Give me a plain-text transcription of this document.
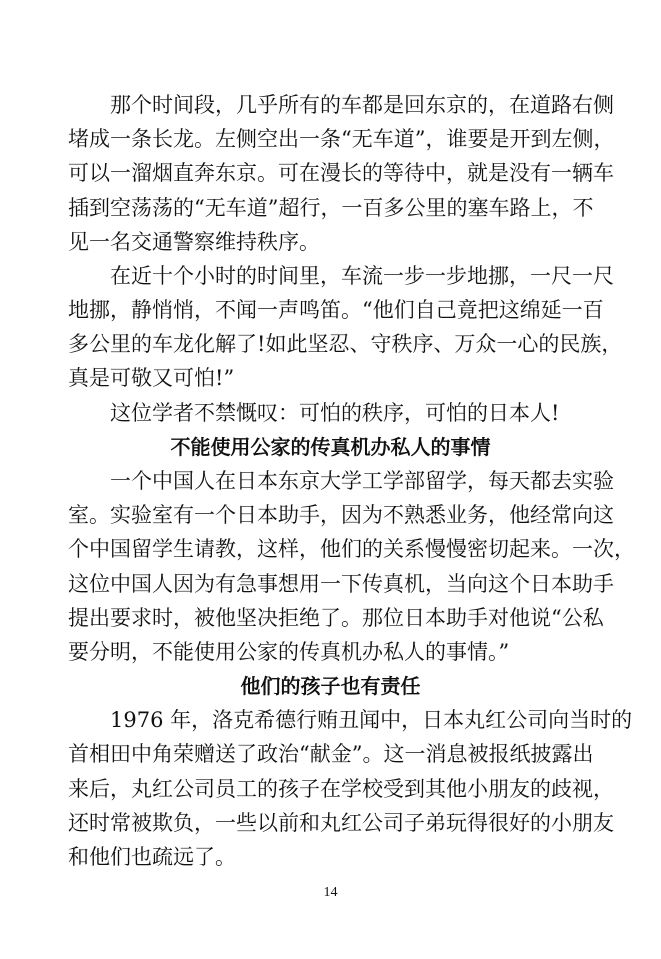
　　那个时间段，几乎所有的车都是回东京的，在道路右侧
堵成一条长龙。左侧空出一条“无车道”，谁要是开到左侧，
可以一溜烟直奔东京。可在漫长的等待中，就是没有一辆车
插到空荡荡的“无车道”超行，一百多公里的塞车路上，不
见一名交通警察维持秩序。
　　在近十个小时的时间里，车流一步一步地挪，一尺一尺
地挪，静悄悄，不闻一声鸣笛。“他们自己竟把这绵延一百
多公里的车龙化解了!如此坚忍、守秩序、万众一心的民族，
真是可敬又可怕!”
　　这位学者不禁慨叹：可怕的秩序，可怕的日本人!
不能使用公家的传真机办私人的事情
　　一个中国人在日本东京大学工学部留学，每天都去实验
室。实验室有一个日本助手，因为不熟悉业务，他经常向这
个中国留学生请教，这样，他们的关系慢慢密切起来。一次，
这位中国人因为有急事想用一下传真机，当向这个日本助手
提出要求时，被他坚决拒绝了。那位日本助手对他说“公私
要分明，不能使用公家的传真机办私人的事情。”
他们的孩子也有责任
　　1976 年，洛克希德行贿丑闻中，日本丸红公司向当时的
首相田中角荣赠送了政治“献金”。这一消息被报纸披露出
来后，丸红公司员工的孩子在学校受到其他小朋友的歧视，
还时常被欺负，一些以前和丸红公司子弟玩得很好的小朋友
和他们也疏远了。
14
